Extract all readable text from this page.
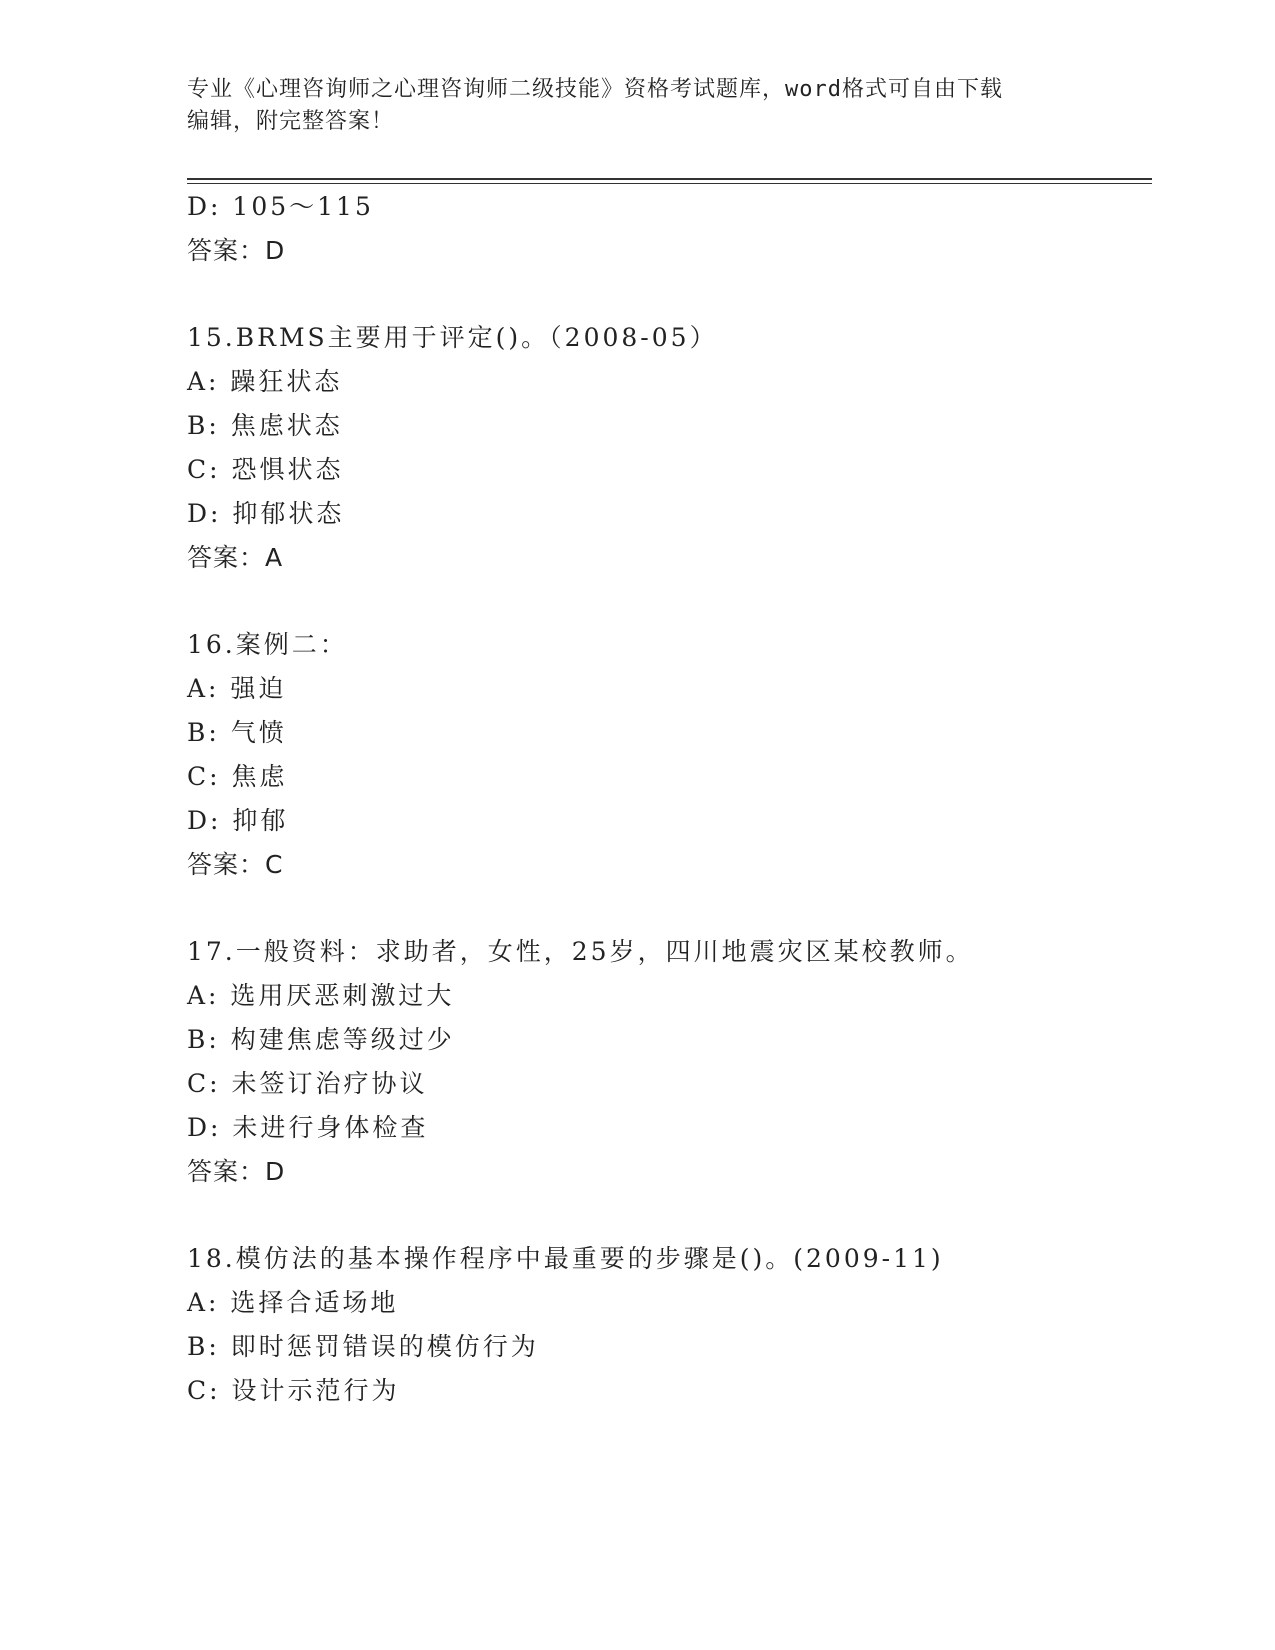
专业《心理咨询师之心理咨询师二级技能》资格考试题库，word格式可自由下载
编辑，附完整答案！
D: 105～115
答案：D
15.BRMS主要用于评定()。（2008-05）
A: 躁狂状态
B: 焦虑状态
C: 恐惧状态
D: 抑郁状态
答案：A
16.案例二：
A: 强迫
B: 气愤
C: 焦虑
D: 抑郁
答案：C
17.一般资料：求助者，女性，25岁，四川地震灾区某校教师。
A: 选用厌恶刺激过大
B: 构建焦虑等级过少
C: 未签订治疗协议
D: 未进行身体检查
答案：D
18.模仿法的基本操作程序中最重要的步骤是()。(2009-11)
A: 选择合适场地
B: 即时惩罚错误的模仿行为
C: 设计示范行为
